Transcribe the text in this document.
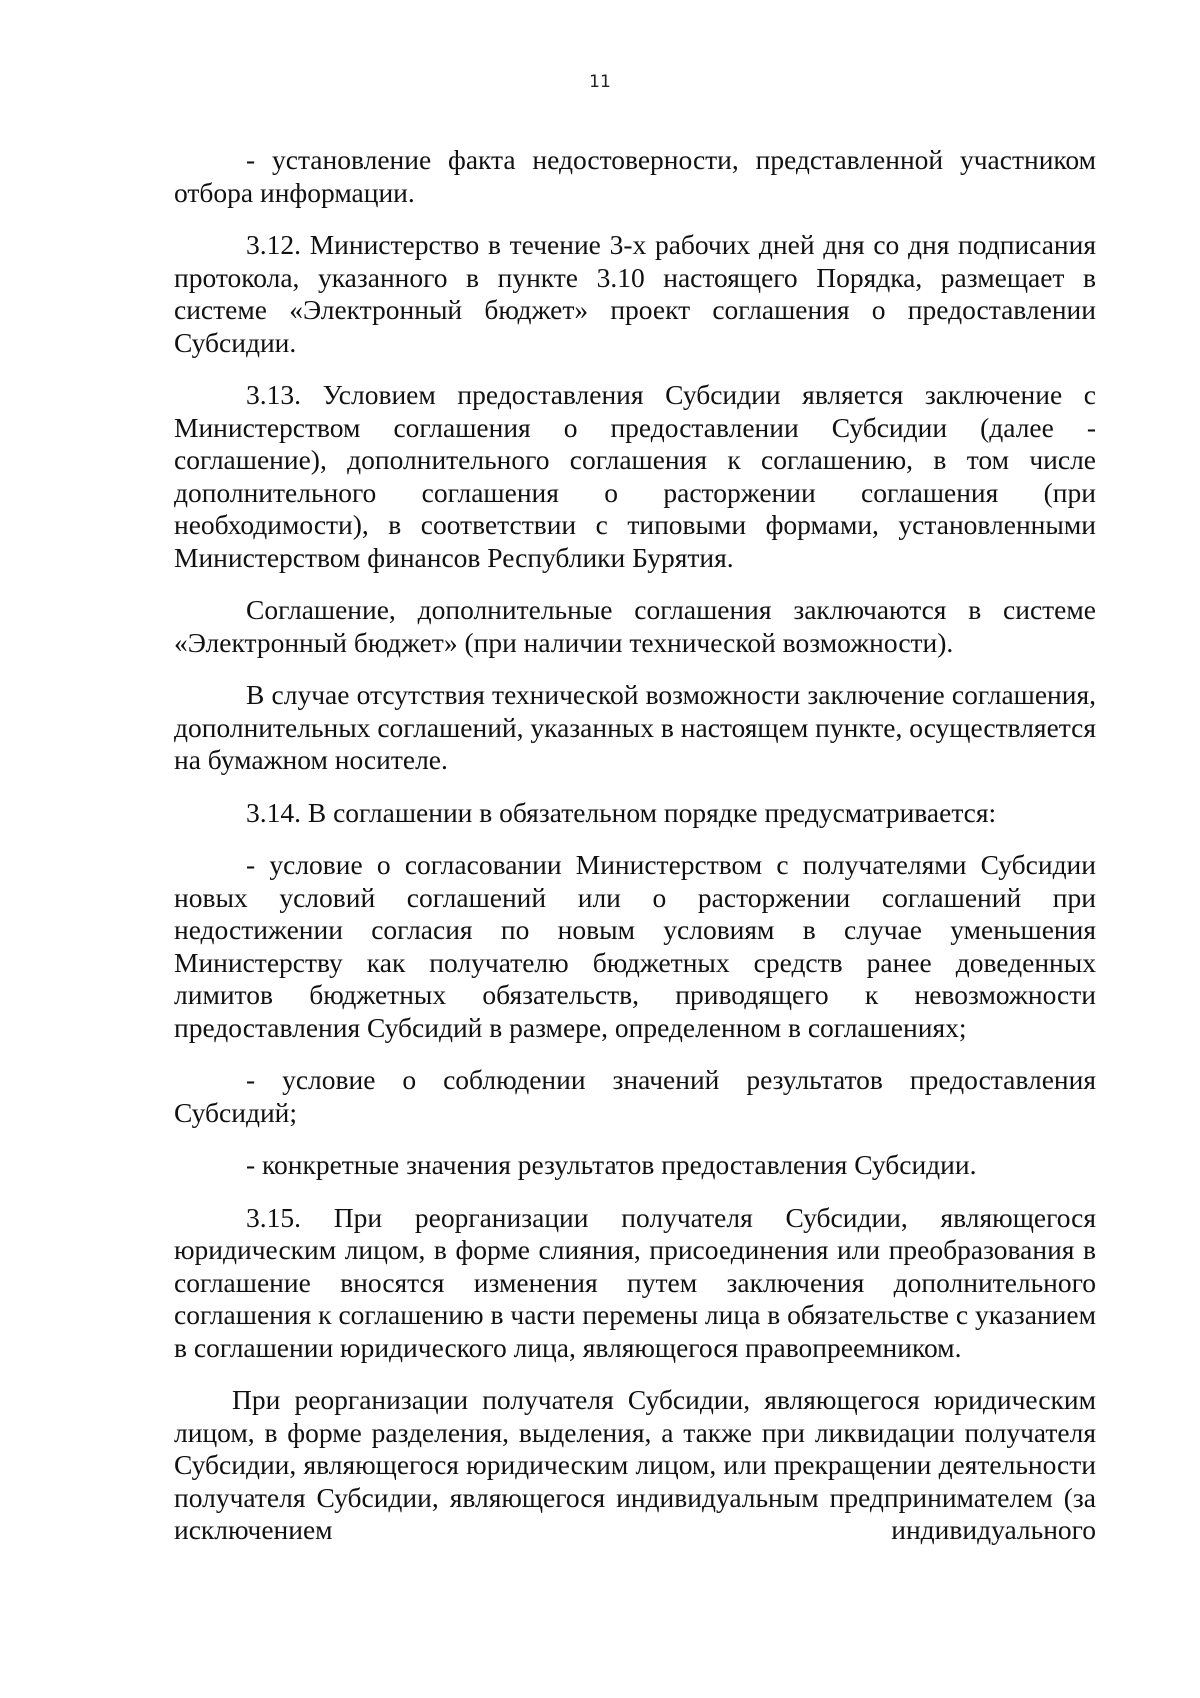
11

- установление факта недостоверности, представленной участником отбора информации.

3.12. Министерство в течение 3-х рабочих дней дня со дня подписания протокола, указанного в пункте 3.10 настоящего Порядка, размещает в системе «Электронный бюджет» проект соглашения о предоставлении Субсидии.

3.13. Условием предоставления Субсидии является заключение с Министерством соглашения о предоставлении Субсидии (далее - соглашение), дополнительного соглашения к соглашению, в том числе дополнительного соглашения о расторжении соглашения (при необходимости), в соответствии с типовыми формами, установленными Министерством финансов Республики Бурятия.

Соглашение, дополнительные соглашения заключаются в системе «Электронный бюджет» (при наличии технической возможности).

В случае отсутствия технической возможности заключение соглашения, дополнительных соглашений, указанных в настоящем пункте, осуществляется на бумажном носителе.

3.14. В соглашении в обязательном порядке предусматривается:

- условие о согласовании Министерством с получателями Субсидии новых условий соглашений или о расторжении соглашений при недостижении согласия по новым условиям в случае уменьшения Министерству как получателю бюджетных средств ранее доведенных лимитов бюджетных обязательств, приводящего к невозможности предоставления Субсидий в размере, определенном в соглашениях;

- условие о соблюдении значений результатов предоставления Субсидий;

- конкретные значения результатов предоставления Субсидии.

3.15. При реорганизации получателя Субсидии, являющегося юридическим лицом, в форме слияния, присоединения или преобразования в соглашение вносятся изменения путем заключения дополнительного соглашения к соглашению в части перемены лица в обязательстве с указанием в соглашении юридического лица, являющегося правопреемником.

При реорганизации получателя Субсидии, являющегося юридическим лицом, в форме разделения, выделения, а также при ликвидации получателя Субсидии, являющегося юридическим лицом, или прекращении деятельности получателя Субсидии, являющегося индивидуальным предпринимателем (за исключением индивидуального
